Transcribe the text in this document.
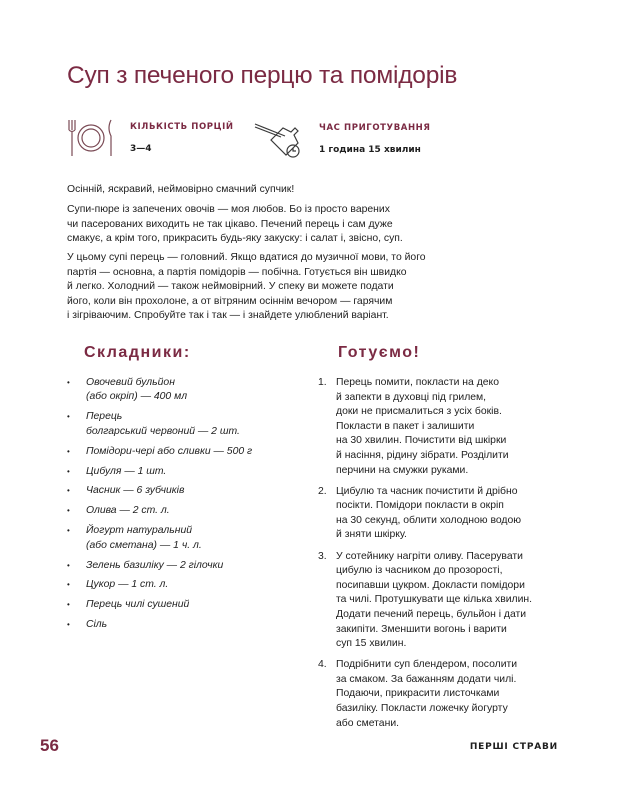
Суп з печеного перцю та помідорів
КІЛЬКІСТЬ ПОРЦІЙ
3—4
ЧАС ПРИГОТУВАННЯ
1 година 15 хвилин
Осінній, яскравий, неймовірно смачний супчик!
Супи-пюре із запечених овочів — моя любов. Бо із просто варених
чи пасерованих виходить не так цікаво. Печений перець і сам дуже
смакує, а крім того, прикрасить будь-яку закуску: і салат і, звісно, суп.
У цьому супі перець — головний. Якщо вдатися до музичної мови, то його
партія — основна, а партія помідорів — побічна. Готується він швидко
й легко. Холодний — також неймовірний. У спеку ви можете подати
його, коли він прохолоне, а от вітряним осіннім вечором — гарячим
і зігріваючим. Спробуйте так і так — і знайдете улюблений варіант.
Складники:
• Овочевий бульйон
(або окріп) — 400 мл
• Перець
болгарський червоний — 2 шт.
• Помідори-чері або сливки — 500 г
• Цибуля — 1 шт.
• Часник — 6 зубчиків
• Олива — 2 ст. л.
• Йогурт натуральний
(або сметана) — 1 ч. л.
• Зелень базиліку — 2 гілочки
• Цукор — 1 ст. л.
• Перець чилі сушений
• Сіль
Готуємо!
1. Перець помити, покласти на деко
й запекти в духовці під грилем,
доки не присмалиться з усіх боків.
Покласти в пакет і залишити
на 30 хвилин. Почистити від шкірки
й насіння, рідину зібрати. Розділити
перчини на смужки руками.
2. Цибулю та часник почистити й дрібно
посікти. Помідори покласти в окріп
на 30 секунд, облити холодною водою
й зняти шкірку.
3. У сотейнику нагріти оливу. Пасерувати
цибулю із часником до прозорості,
посипавши цукром. Докласти помідори
та чилі. Протушкувати ще кілька хвилин.
Додати печений перець, бульйон і дати
закипіти. Зменшити вогонь і варити
суп 15 хвилин.
4. Подрібнити суп блендером, посолити
за смаком. За бажанням додати чилі.
Подаючи, прикрасити листочками
базиліку. Покласти ложечку йогурту
або сметани.
56	ПЕРШІ СТРАВИ
